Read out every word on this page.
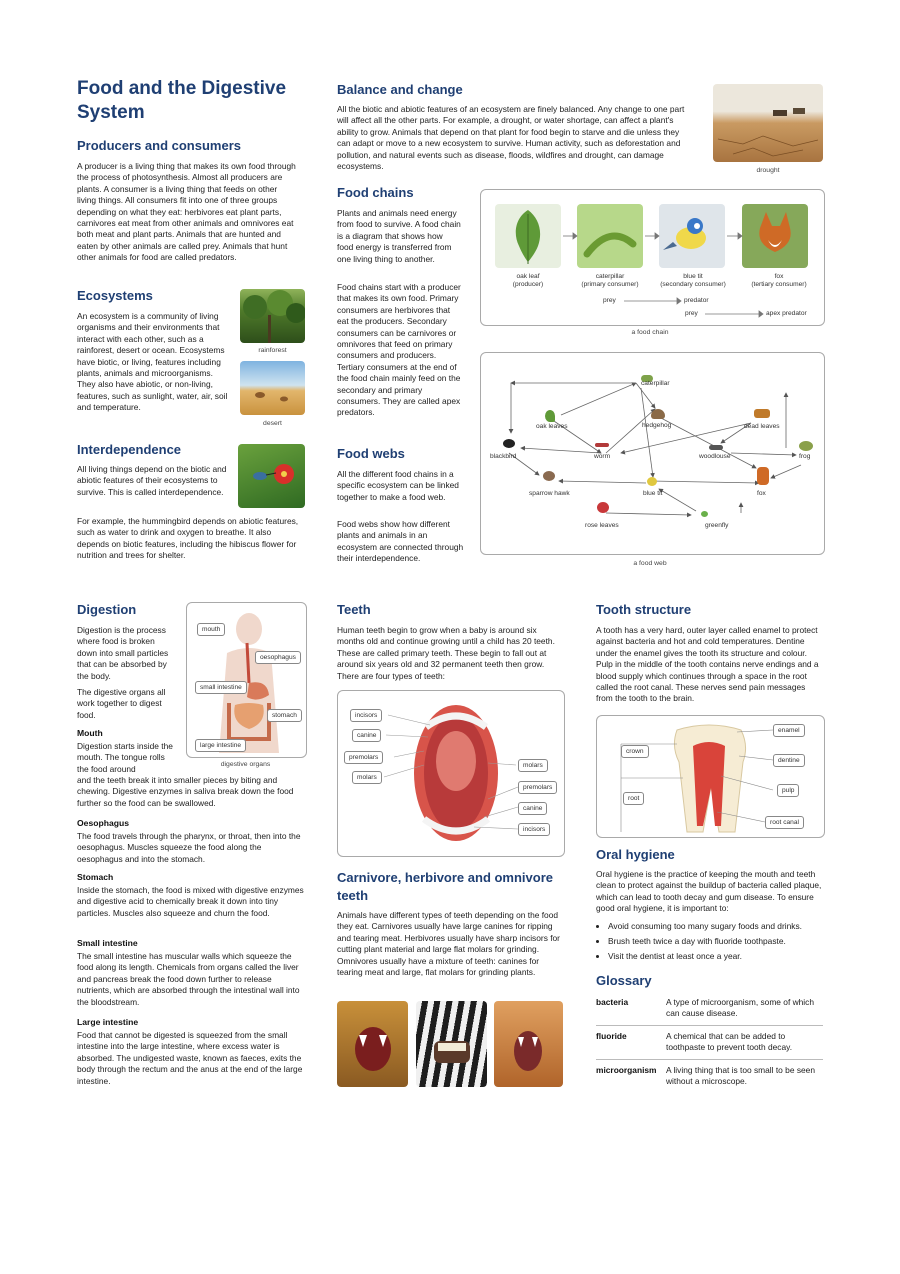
Food and the Digestive System
Producers and consumers

A producer is a living thing that makes its own food through the process of photosynthesis. Almost all producers are plants. A consumer is a living thing that feeds on other living things. All consumers fit into one of three groups depending on what they eat: herbivores eat plant parts, carnivores eat meat from other animals and omnivores eat both meat and plant parts. Animals that are hunted and eaten by other animals are called prey. Animals that hunt other animals for food are called predators.

Ecosystems

An ecosystem is a community of living organisms and their environments that interact with each other, such as a rainforest, desert or ocean. Ecosystems have biotic, or living, features including plants, animals and microorganisms. They also have abiotic, or non-living, features, such as sunlight, water, air, soil and temperature.

rainforest
desert
Interdependence

All living things depend on the biotic and abiotic features of their ecosystems to survive. This is called interdependence.

For example, the hummingbird depends on abiotic features, such as water to drink and oxygen to breathe. It also depends on biotic features, including the hibiscus flower for nutrition and trees for shelter.

Balance and change

All the biotic and abiotic features of an ecosystem are finely balanced. Any change to one part will affect all the other parts. For example, a drought, or water shortage, can affect a plant's ability to grow. Animals that depend on that plant for food begin to starve and die unless they can adapt or move to a new ecosystem to survive. Human activity, such as deforestation and pollution, and natural events such as disease, floods, wildfires and drought, can damage ecosystems.	drought
Food chains

Plants and animals need energy from food to survive. A food chain is a diagram that shows how food energy is transferred from one living thing to another.

Food chains start with a producer that makes its own food. Primary consumers are herbivores that eat the producers. Secondary consumers can be carnivores or omnivores that feed on primary consumers and producers. Tertiary consumers at the end of the food chain mainly feed on the secondary and primary consumers. They are called apex predators.

Food webs

All the different food chains in a specific ecosystem can be linked together to make a food web.

Food webs show how different plants and animals in an ecosystem are connected through their interdependence.

oak leaf
(producer)
caterpillar
(primary consumer)
blue tit
(secondary consumer)
fox
(tertiary consumer)
prey	predator
prey	apex predator
a food chain
caterpillar
oak leaves	hedgehog	dead leaves
blackbird	worm	woodlouse	frog
sparrow hawk	blue tit	fox
rose leaves	greenfly
a food web
Digestion

Digestion is the process where food is broken down into small particles that can be absorbed by the body.

The digestive organs all work together to digest food.

mouth
oesophagus
small intestine
stomach
large intestine
digestive organs
Mouth

Digestion starts inside the mouth. The tongue rolls the food around

and the teeth break it into smaller pieces by biting and chewing. Digestive enzymes in saliva break down the food further so the food can be swallowed.

Oesophagus

The food travels through the pharynx, or throat, then into the oesophagus. Muscles squeeze the food along the oesophagus and into the stomach.

Stomach

Inside the stomach, the food is mixed with digestive enzymes and digestive acid to chemically break it down into tiny particles. Muscles also squeeze and churn the food.

Small intestine

The small intestine has muscular walls which squeeze the food along its length. Chemicals from organs called the liver and pancreas break the food down further to release nutrients, which are absorbed through the intestinal wall into the bloodstream.

Large intestine

Food that cannot be digested is squeezed from the small intestine into the large intestine, where excess water is absorbed. The undigested waste, known as faeces, exits the body through the rectum and the anus at the end of the large intestine.

Teeth

Human teeth begin to grow when a baby is around six months old and continue growing until a child has 20 teeth. These are called primary teeth. These begin to fall out at around six years old and 32 permanent teeth then grow. There are four types of teeth:

incisors
canine
premolars
molars
molars
premolars
canine
incisors
Carnivore, herbivore and omnivore teeth

Animals have different types of teeth depending on the food they eat. Carnivores usually have large canines for ripping and tearing meat. Herbivores usually have sharp incisors for cutting plant material and large flat molars for grinding. Omnivores usually have a mixture of teeth: canines for tearing meat and large, flat molars for grinding plants.

Tooth structure

A tooth has a very hard, outer layer called enamel to protect against bacteria and hot and cold temperatures. Dentine under the enamel gives the tooth its structure and colour. Pulp in the middle of the tooth contains nerve endings and a blood supply which continues through a space in the root called the root canal. These nerves send pain messages from the tooth to the brain.

enamel
crown
dentine
pulp
root
root canal
Oral hygiene

Oral hygiene is the practice of keeping the mouth and teeth clean to protect against the buildup of bacteria called plaque, which can lead to tooth decay and gum disease. To ensure good oral hygiene, it is important to:

• Avoid consuming too many sugary foods and drinks.
• Brush teeth twice a day with fluoride toothpaste.
• Visit the dentist at least once a year.
Glossary
bacteria	A type of microorganism, some of which can cause disease.
fluoride	A chemical that can be added to toothpaste to prevent tooth decay.
microorganism A living thing that is too small to be seen without a microscope.
